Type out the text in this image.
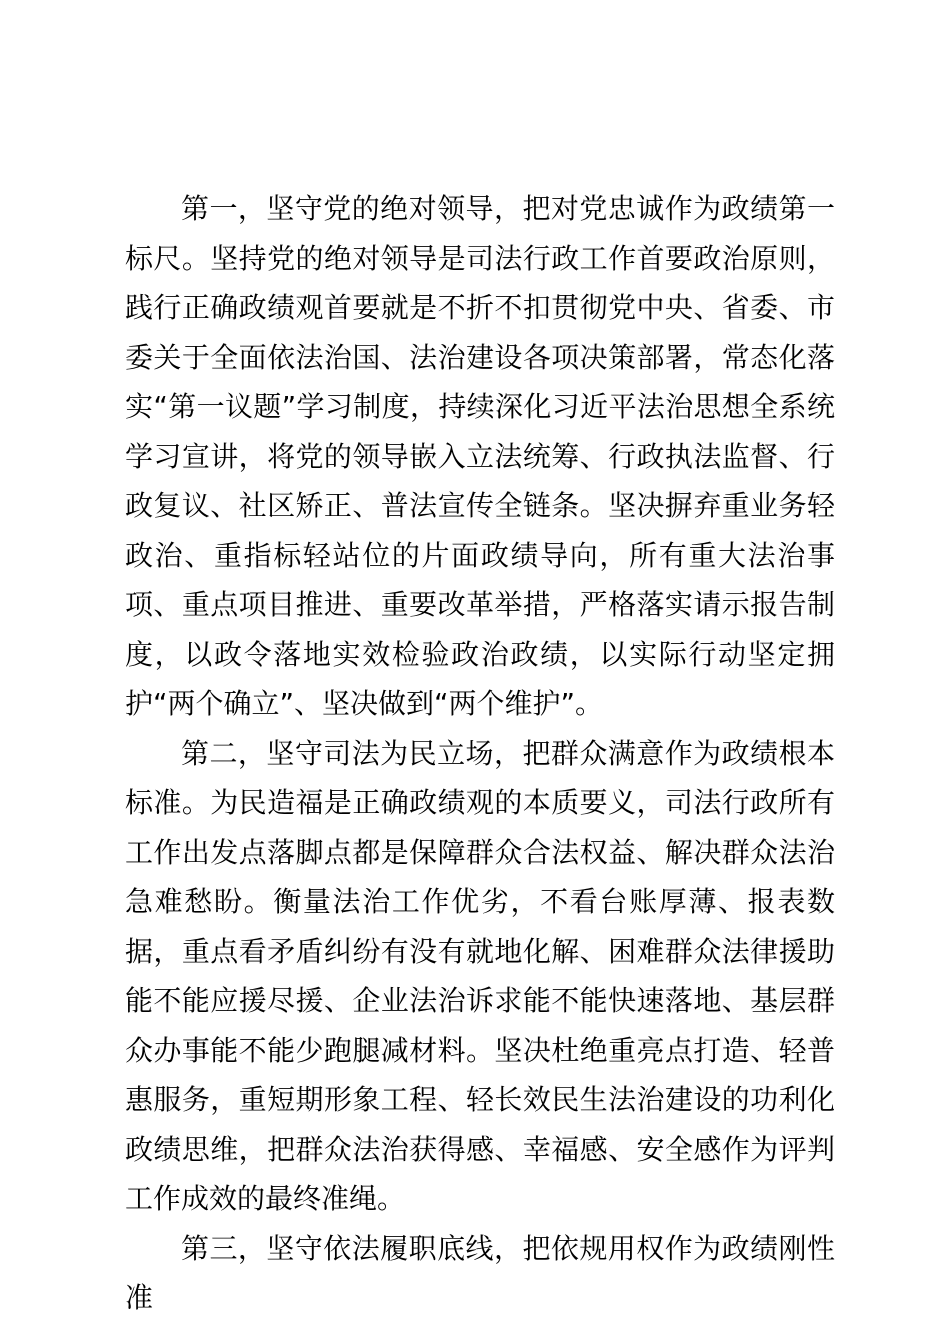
第一，坚守党的绝对领导，把对党忠诚作为政绩第一标尺。坚持党的绝对领导是司法行政工作首要政治原则，践行正确政绩观首要就是不折不扣贯彻党中央、省委、市委关于全面依法治国、法治建设各项决策部署，常态化落实“第一议题”学习制度，持续深化习近平法治思想全系统学习宣讲，将党的领导嵌入立法统筹、行政执法监督、行政复议、社区矫正、普法宣传全链条。坚决摒弃重业务轻政治、重指标轻站位的片面政绩导向，所有重大法治事项、重点项目推进、重要改革举措，严格落实请示报告制度，以政令落地实效检验政治政绩，以实际行动坚定拥护“两个确立”、坚决做到“两个维护”。

第二，坚守司法为民立场，把群众满意作为政绩根本标准。为民造福是正确政绩观的本质要义，司法行政所有工作出发点落脚点都是保障群众合法权益、解决群众法治急难愁盼。衡量法治工作优劣，不看台账厚薄、报表数据，重点看矛盾纠纷有没有就地化解、困难群众法律援助能不能应援尽援、企业法治诉求能不能快速落地、基层群众办事能不能少跑腿减材料。坚决杜绝重亮点打造、轻普惠服务，重短期形象工程、轻长效民生法治建设的功利化政绩思维，把群众法治获得感、幸福感、安全感作为评判工作成效的最终准绳。

第三，坚守依法履职底线，把依规用权作为政绩刚性准
